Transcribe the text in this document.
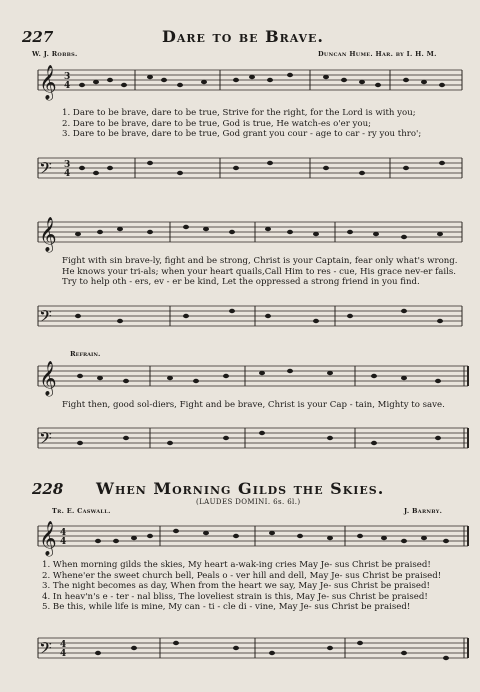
227	Dare to be Brave.
W. J. Robbs.	Duncan Hume. Har. by I. H. M.
𝄞 3
4
1. Dare to be brave, dare to be true, Strive for the right, for the Lord is with you;
2. Dare to be brave, dare to be true, God is true, He watch-es o'er you;
3. Dare to be brave, dare to be true, God grant you cour - age to car - ry you thro';
𝄢 3
4
𝄞
Fight with sin brave-ly, fight and be strong, Christ is your Captain, fear only what's wrong.
He knows your tri-als; when your heart quails,Call Him to res - cue, His grace nev-er fails.
Try to help oth - ers, ev - er be kind, Let the oppressed a strong friend in you find.
𝄢
Refrain.
𝄞
Fight then, good sol-diers, Fight and be brave, Christ is your Cap - tain, Mighty to save.
𝄢
228 When Morning Gilds the Skies.
(LAUDES DOMINI. 6s. 6l.)
Tr. E. Caswall.	J. Barnby.
𝄞 4
4
1. When morning gilds the skies, My heart a-wak-ing cries May Je- sus Christ be praised!
2. Whene'er the sweet church bell, Peals o - ver hill and dell, May Je- sus Christ be praised!
3. The night becomes as day, When from the heart we say, May Je- sus Christ be praised!
4. In heav'n's e - ter - nal bliss, The loveliest strain is this, May Je- sus Christ be praised!
5. Be this, while life is mine, My can - ti - cle di - vine, May Je- sus Christ be praised!
𝄢 4
4
